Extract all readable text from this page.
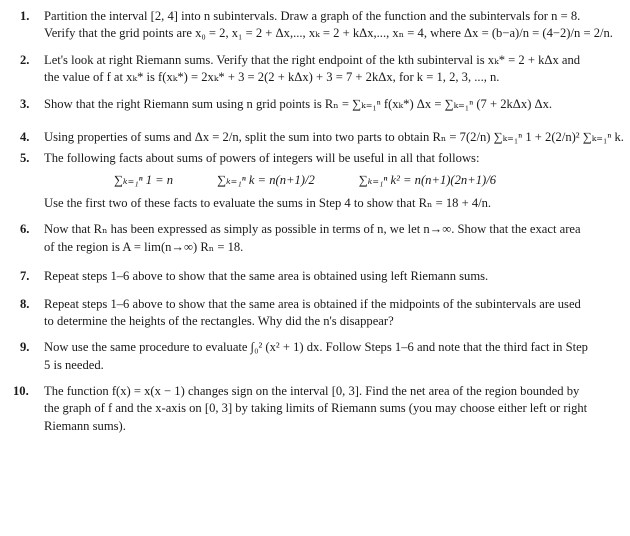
1. Partition the interval [2, 4] into n subintervals. Draw a graph of the function and the subintervals for n = 8.
Verify that the grid points are x₀ = 2, x₁ = 2 + Δx,..., xₖ = 2 + kΔx,..., xₙ = 4, where Δx = (b−a)/n = (4−2)/n = 2/n.
2. Let's look at right Riemann sums. Verify that the right endpoint of the kth subinterval is xₖ* = 2 + kΔx and
the value of f at xₖ* is f(xₖ*) = 2xₖ* + 3 = 2(2 + kΔx) + 3 = 7 + 2kΔx, for k = 1, 2, 3, ..., n.
3. Show that the right Riemann sum using n grid points is Rₙ = ∑ₖ₌₁ⁿ f(xₖ*) Δx = ∑ₖ₌₁ⁿ (7 + 2kΔx) Δx.
4. Using properties of sums and Δx = 2/n, split the sum into two parts to obtain Rₙ = 7(2/n) ∑ₖ₌₁ⁿ 1 + 2(2/n)² ∑ₖ₌₁ⁿ k.
5. The following facts about sums of powers of integers will be useful in all that follows:
∑ₖ₌₁ⁿ 1 = n	∑ₖ₌₁ⁿ k = n(n+1)/2	∑ₖ₌₁ⁿ k² = n(n+1)(2n+1)/6
Use the first two of these facts to evaluate the sums in Step 4 to show that Rₙ = 18 + 4/n.
6. Now that Rₙ has been expressed as simply as possible in terms of n, we let n→∞. Show that the exact area
of the region is A = lim(n→∞) Rₙ = 18.
7. Repeat steps 1–6 above to show that the same area is obtained using left Riemann sums.
8. Repeat steps 1–6 above to show that the same area is obtained if the midpoints of the subintervals are used
to determine the heights of the rectangles. Why did the n's disappear?
9. Now use the same procedure to evaluate ∫₀² (x² + 1) dx. Follow Steps 1–6 and note that the third fact in Step
5 is needed.
10. The function f(x) = x(x − 1) changes sign on the interval [0, 3]. Find the net area of the region bounded by
the graph of f and the x-axis on [0, 3] by taking limits of Riemann sums (you may choose either left or right
Riemann sums).
